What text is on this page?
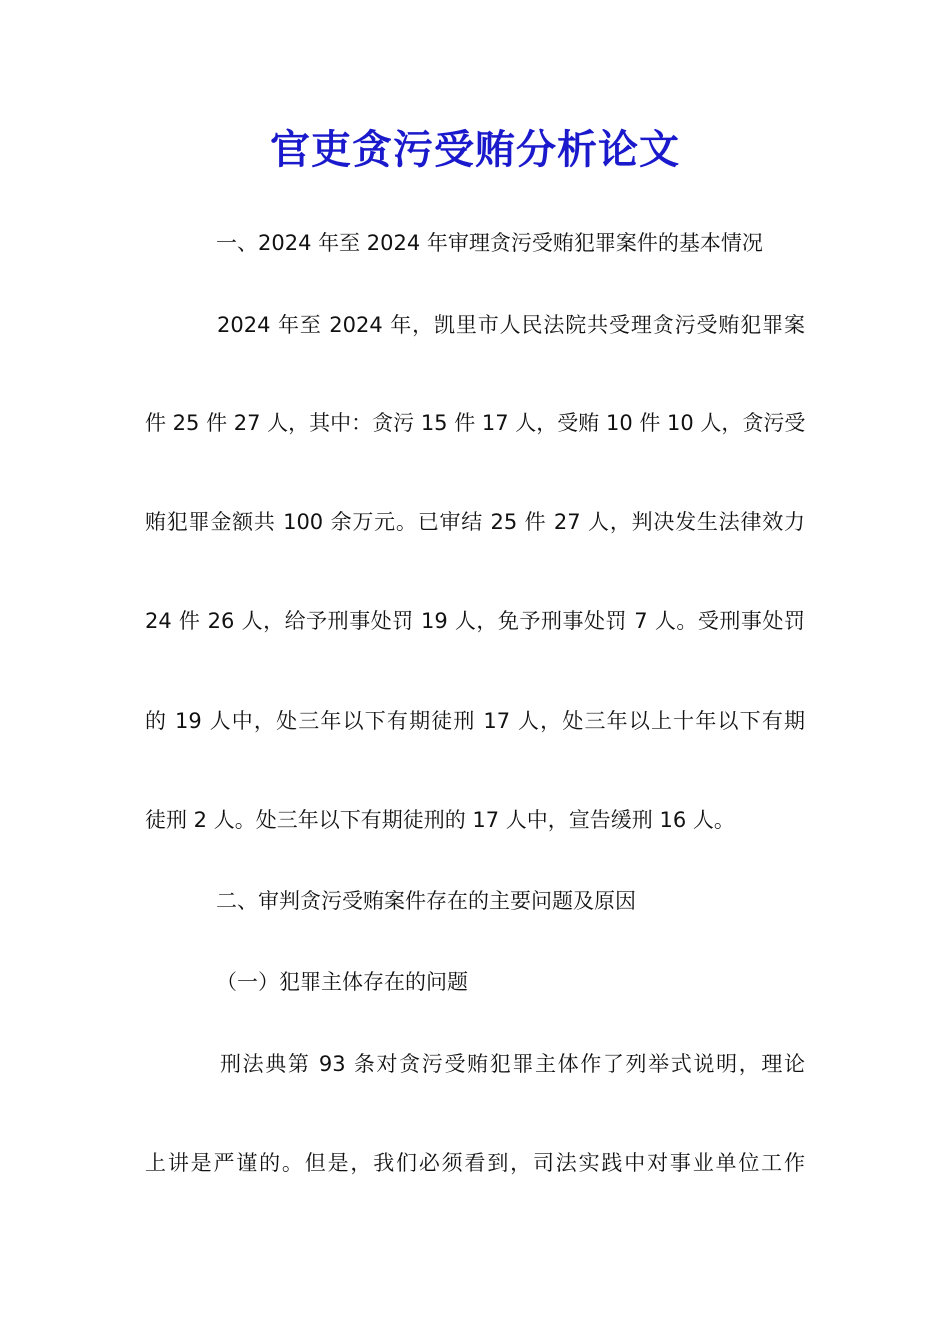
官吏贪污受贿分析论文
一、2024 年至 2024 年审理贪污受贿犯罪案件的基本情况
2024 年至 2024 年，凯里市人民法院共受理贪污受贿犯罪案
件 25 件 27 人，其中：贪污 15 件 17 人，受贿 10 件 10 人，贪污受
贿犯罪金额共 100 余万元。已审结 25 件 27 人，判决发生法律效力
24 件 26 人，给予刑事处罚 19 人，免予刑事处罚 7 人。受刑事处罚
的 19 人中，处三年以下有期徒刑 17 人，处三年以上十年以下有期
徒刑 2 人。处三年以下有期徒刑的 17 人中，宣告缓刑 16 人。
二、审判贪污受贿案件存在的主要问题及原因
（一）犯罪主体存在的问题
刑法典第 93 条对贪污受贿犯罪主体作了列举式说明，理论
上讲是严谨的。但是，我们必须看到，司法实践中对事业单位工作
